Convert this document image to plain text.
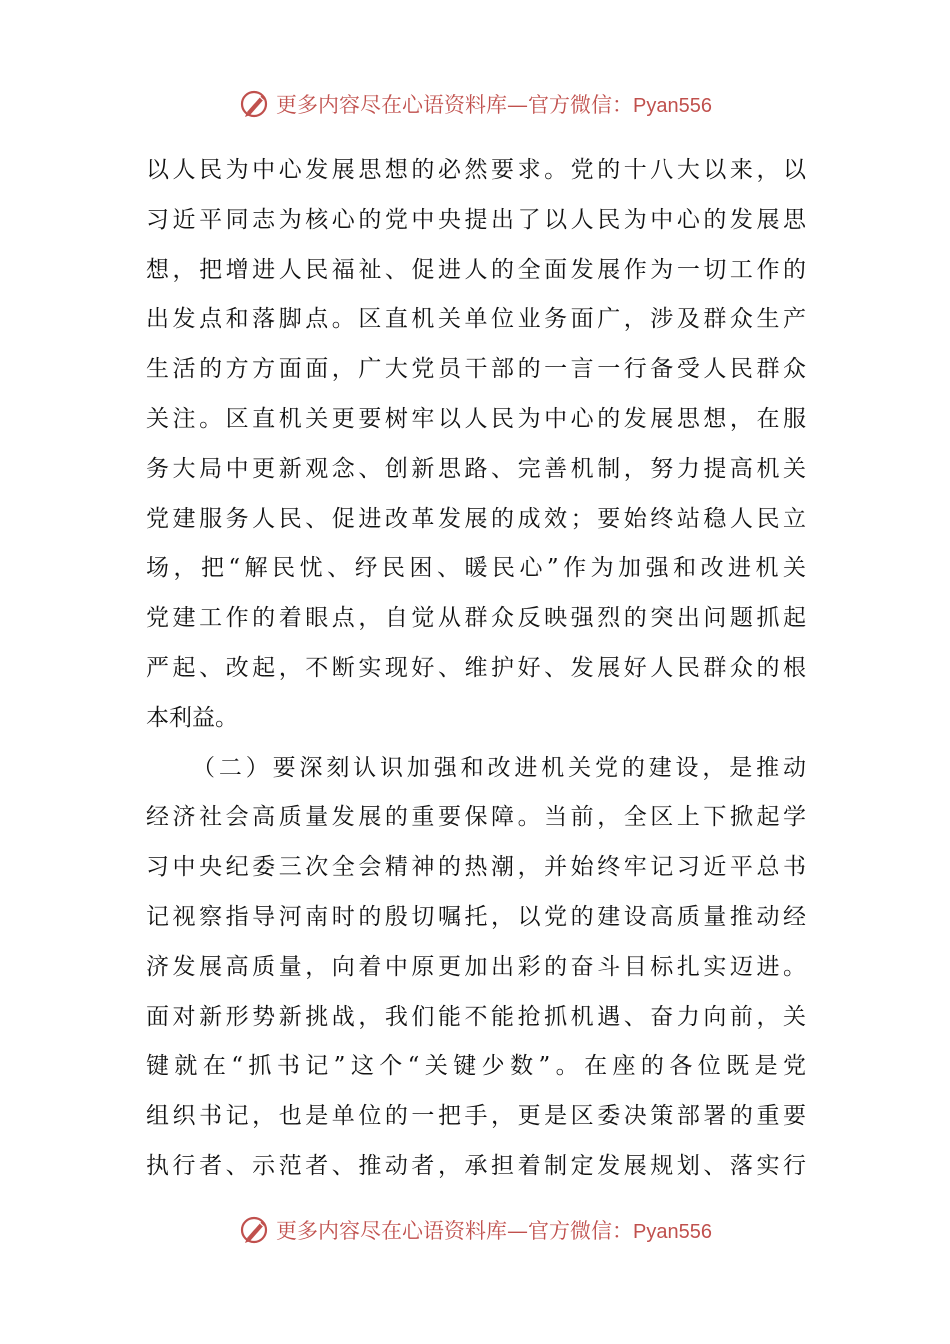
更多内容尽在心语资料库—官方微信：Pyan556
以人民为中心发展思想的必然要求。党的十八大以来，以
习近平同志为核心的党中央提出了以人民为中心的发展思
想，把增进人民福祉、促进人的全面发展作为一切工作的
出发点和落脚点。区直机关单位业务面广，涉及群众生产
生活的方方面面，广大党员干部的一言一行备受人民群众
关注。区直机关更要树牢以人民为中心的发展思想，在服
务大局中更新观念、创新思路、完善机制，努力提高机关
党建服务人民、促进改革发展的成效；要始终站稳人民立
场，把“解民忧、纾民困、暖民心”作为加强和改进机关
党建工作的着眼点，自觉从群众反映强烈的突出问题抓起
严起、改起，不断实现好、维护好、发展好人民群众的根
本利益。
（二）要深刻认识加强和改进机关党的建设，是推动
经济社会高质量发展的重要保障。当前，全区上下掀起学
习中央纪委三次全会精神的热潮，并始终牢记习近平总书
记视察指导河南时的殷切嘱托，以党的建设高质量推动经
济发展高质量，向着中原更加出彩的奋斗目标扎实迈进。
面对新形势新挑战，我们能不能抢抓机遇、奋力向前，关
键就在“抓书记”这个“关键少数”。在座的各位既是党
组织书记，也是单位的一把手，更是区委决策部署的重要
执行者、示范者、推动者，承担着制定发展规划、落实行
更多内容尽在心语资料库—官方微信：Pyan556
